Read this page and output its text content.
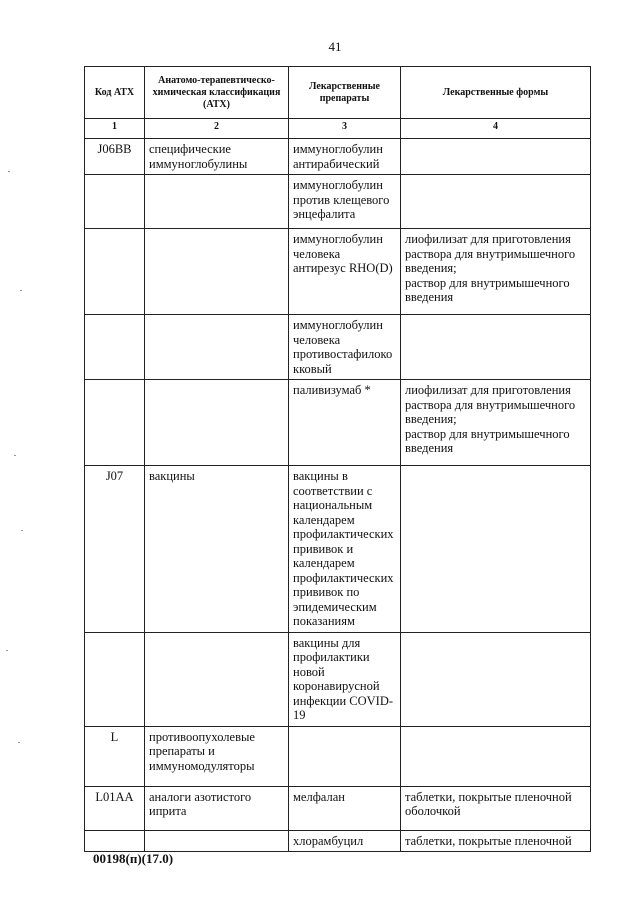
41
Код АТХ	Анатомо-терапевтическо-химическая классификация (АТХ)	Лекарственные препараты	Лекарственные формы
1	2	3	4
J06BB	специфические иммуноглобулины	иммуноглобулин антирабический	
		иммуноглобулин против клещевого энцефалита	
		иммуноглобулин человека антирезус RHO(D)	лиофилизат для приготовления раствора для внутримышечного введения;
раствор для внутримышечного введения
		иммуноглобулин человека противостафилококковый	
		паливизумаб *	лиофилизат для приготовления раствора для внутримышечного введения;
раствор для внутримышечного введения
J07	вакцины	вакцины в соответствии с национальным календарем профилактических прививок и календарем профилактических прививок по эпидемическим показаниям	
		вакцины для профилактики новой коронавирусной инфекции COVID-19	
L	противоопухолевые препараты и иммуномодуляторы		
L01AA	аналоги азотистого иприта	мелфалан	таблетки, покрытые пленочной оболочкой
		хлорамбуцил	таблетки, покрытые пленочной
00198(п)(17.0)
